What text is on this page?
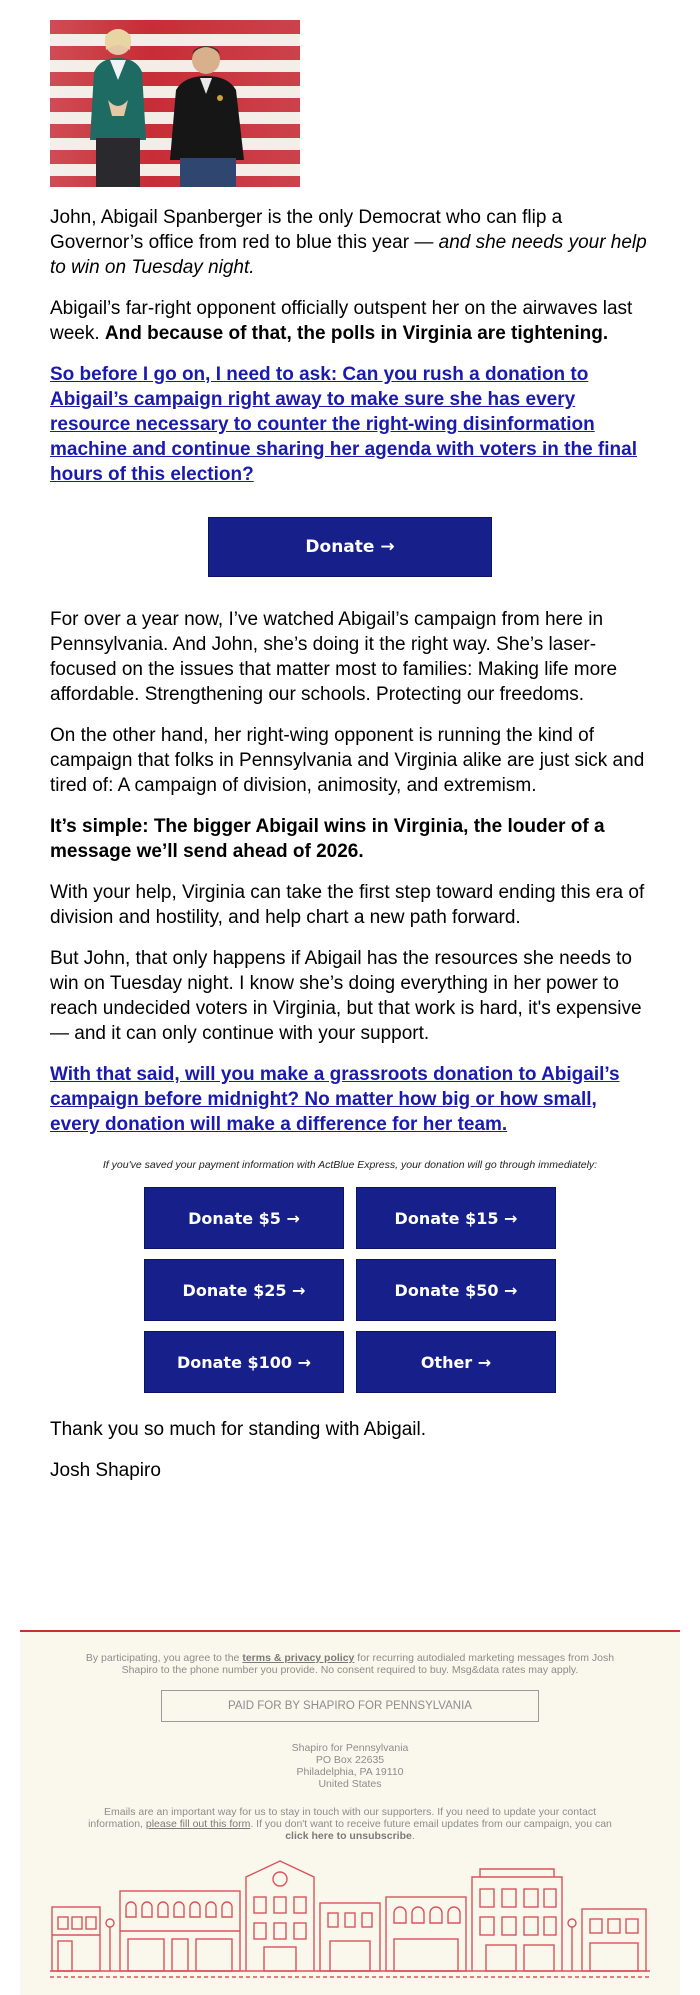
John, Abigail Spanberger is the only Democrat who can flip a Governor’s office from red to blue this year — and she needs your help to win on Tuesday night.

Abigail’s far-right opponent officially outspent her on the airwaves last week. And because of that, the polls in Virginia are tightening.

So before I go on, I need to ask: Can you rush a donation to Abigail’s campaign right away to make sure she has every resource necessary to counter the right-wing disinformation machine and continue sharing her agenda with voters in the final hours of this election?
Donate →

For over a year now, I’ve watched Abigail’s campaign from here in Pennsylvania. And John, she’s doing it the right way. She’s laser-focused on the issues that matter most to families: Making life more affordable. Strengthening our schools. Protecting our freedoms.

On the other hand, her right-wing opponent is running the kind of campaign that folks in Pennsylvania and Virginia alike are just sick and tired of: A campaign of division, animosity, and extremism.

It’s simple: The bigger Abigail wins in Virginia, the louder of a message we’ll send ahead of 2026.

With your help, Virginia can take the first step toward ending this era of division and hostility, and help chart a new path forward.

But John, that only happens if Abigail has the resources she needs to win on Tuesday night. I know she’s doing everything in her power to reach undecided voters in Virginia, but that work is hard, it's expensive — and it can only continue with your support.

With that said, will you make a grassroots donation to Abigail’s campaign before midnight? No matter how big or how small, every donation will make a difference for her team.
If you've saved your payment information with ActBlue Express, your donation will go through immediately:
Donate $5 →	Donate $15 →
Donate $25 →	Donate $50 →
Donate $100 →	Other →

Thank you so much for standing with Abigail.

Josh Shapiro

By participating, you agree to the terms & privacy policy for recurring autodialed marketing messages from Josh Shapiro to the phone number you provide. No consent required to buy. Msg&data rates may apply.
PAID FOR BY SHAPIRO FOR PENNSYLVANIA
Shapiro for Pennsylvania
PO Box 22635
Philadelphia, PA 19110
United States
Emails are an important way for us to stay in touch with our supporters. If you need to update your contact information, please fill out this form. If you don't want to receive future email updates from our campaign, you can click here to unsubscribe.
